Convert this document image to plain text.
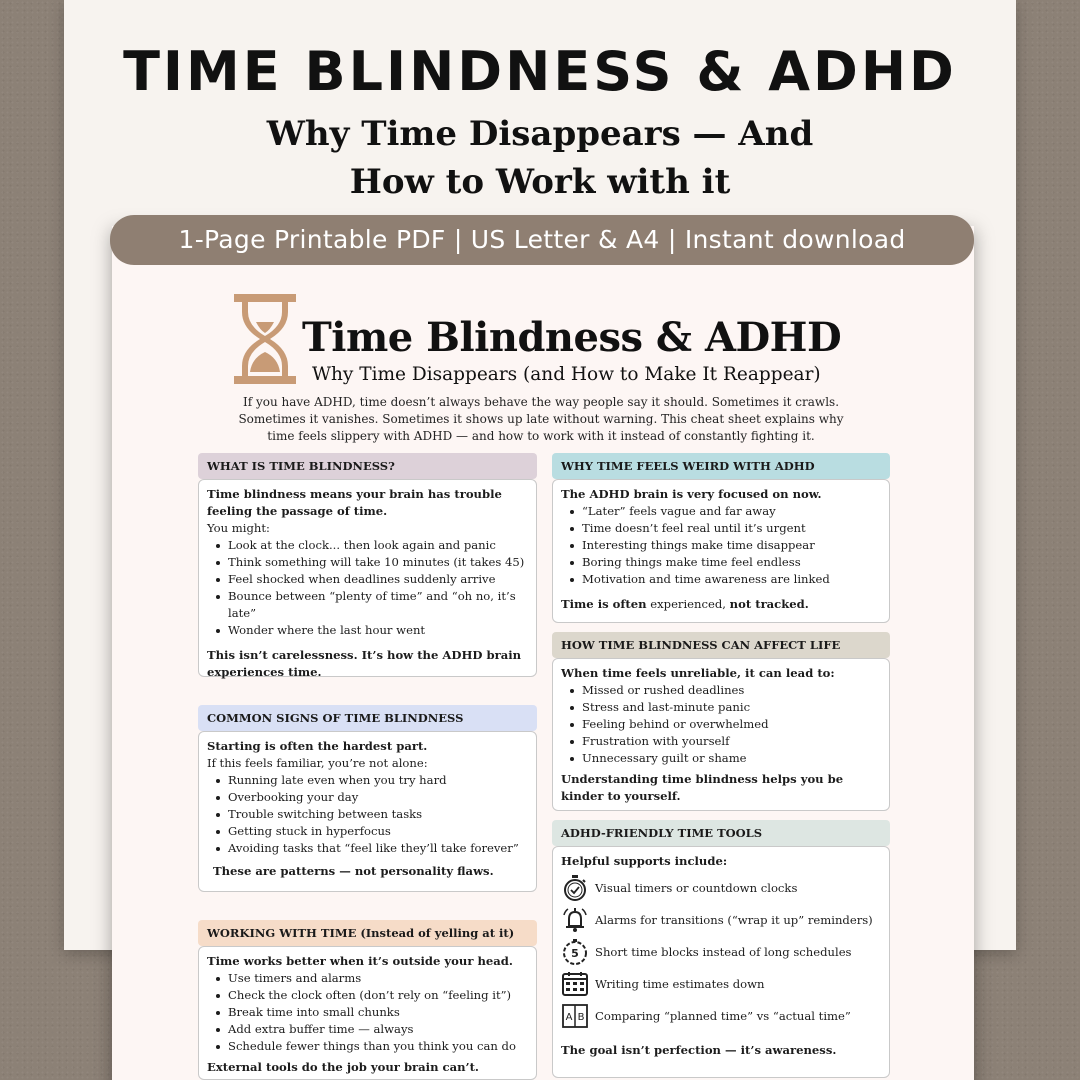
TIME BLINDNESS & ADHD
Why Time Disappears — And
How to Work with it
1-Page Printable PDF | US Letter & A4 | Instant download
Time Blindness & ADHD
Why Time Disappears (and How to Make It Reappear)
If you have ADHD, time doesn’t always behave the way people say it should. Sometimes it crawls. Sometimes it vanishes. Sometimes it shows up late without warning. This cheat sheet explains why time feels slippery with ADHD — and how to work with it instead of constantly fighting it.
WHAT IS TIME BLINDNESS?
Time blindness means your brain has trouble feeling the passage of time.
You might:
Look at the clock... then look again and panic
Think something will take 10 minutes (it takes 45)
Feel shocked when deadlines suddenly arrive
Bounce between “plenty of time” and “oh no, it’s late”
Wonder where the last hour went
This isn’t carelessness. It’s how the ADHD brain experiences time.
WHY TIME FEELS WEIRD WITH ADHD
The ADHD brain is very focused on now.
“Later” feels vague and far away
Time doesn’t feel real until it’s urgent
Interesting things make time disappear
Boring things make time feel endless
Motivation and time awareness are linked
Time is often experienced, not tracked.
HOW TIME BLINDNESS CAN AFFECT LIFE
When time feels unreliable, it can lead to:
Missed or rushed deadlines
Stress and last-minute panic
Feeling behind or overwhelmed
Frustration with yourself
Unnecessary guilt or shame
Understanding time blindness helps you be kinder to yourself.
COMMON SIGNS OF TIME BLINDNESS
Starting is often the hardest part.
If this feels familiar, you’re not alone:
Running late even when you try hard
Overbooking your day
Trouble switching between tasks
Getting stuck in hyperfocus
Avoiding tasks that “feel like they’ll take forever”
These are patterns — not personality flaws.
ADHD-FRIENDLY TIME TOOLS
Helpful supports include:
Visual timers or countdown clocks
Alarms for transitions (“wrap it up” reminders)
5 Short time blocks instead of long schedules
Writing time estimates down
A B Comparing “planned time” vs “actual time”
The goal isn’t perfection — it’s awareness.
WORKING WITH TIME (Instead of yelling at it)
Time works better when it’s outside your head.
Use timers and alarms
Check the clock often (don’t rely on “feeling it”)
Break time into small chunks
Add extra buffer time — always
Schedule fewer things than you think you can do
External tools do the job your brain can’t.
